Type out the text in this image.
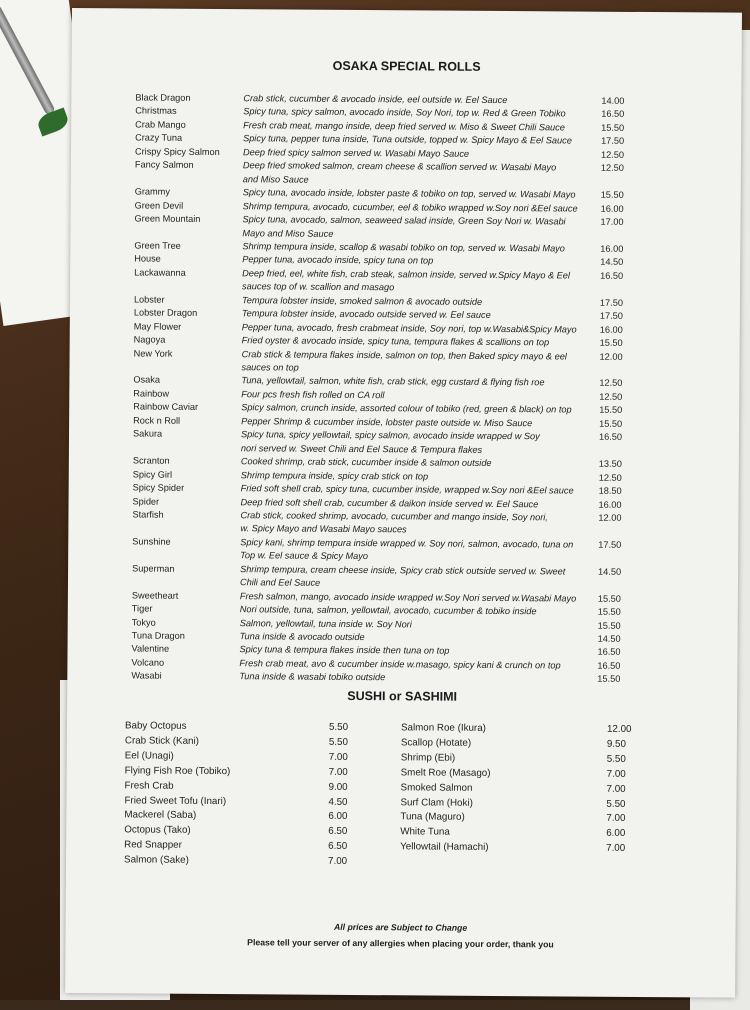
OSAKA SPECIAL ROLLS
Black Dragon	Crab stick, cucumber & avocado inside, eel outside w. Eel Sauce	14.00
Christmas	Spicy tuna, spicy salmon, avocado inside, Soy Nori, top w. Red & Green Tobiko	16.50
Crab Mango	Fresh crab meat, mango inside, deep fried served w. Miso & Sweet Chili Sauce	15.50
Crazy Tuna	Spicy tuna, pepper tuna inside, Tuna outside, topped w. Spicy Mayo & Eel Sauce	17.50
Crispy Spicy Salmon	Deep fried spicy salmon served w. Wasabi Mayo Sauce	12.50
Fancy Salmon	Deep fried smoked salmon, cream cheese & scallion served w. Wasabi Mayo	12.50
and Miso Sauce
Grammy	Spicy tuna, avocado inside, lobster paste & tobiko on top, served w. Wasabi Mayo	15.50
Green Devil	Shrimp tempura, avocado, cucumber, eel & tobiko wrapped w.Soy nori &Eel sauce 16.00
Green Mountain	Spicy tuna, avocado, salmon, seaweed salad inside, Green Soy Nori w. Wasabi	17.00
Mayo and Miso Sauce
Green Tree	Shrimp tempura inside, scallop & wasabi tobiko on top, served w. Wasabi Mayo	16.00
House	Pepper tuna, avocado inside, spicy tuna on top	14.50
Lackawanna	Deep fried, eel, white fish, crab steak, salmon inside, served w.Spicy Mayo & Eel	16.50
sauces top of w. scallion and masago
Lobster	Tempura lobster inside, smoked salmon & avocado outside	17.50
Lobster Dragon	Tempura lobster inside, avocado outside served w. Eel sauce	17.50
May Flower	Pepper tuna, avocado, fresh crabmeat inside, Soy nori, top w.Wasabi&Spicy Mayo	16.00
Nagoya	Fried oyster & avocado inside, spicy tuna, tempura flakes & scallions on top	15.50
New York	Crab stick & tempura flakes inside, salmon on top, then Baked spicy mayo & eel	12.00
sauces on top
Osaka	Tuna, yellowtail, salmon, white fish, crab stick, egg custard & flying fish roe	12.50
Rainbow	Four pcs fresh fish rolled on CA roll	12.50
Rainbow Caviar	Spicy salmon, crunch inside, assorted colour of tobiko (red, green & black) on top	15.50
Rock n Roll	Pepper Shrimp & cucumber inside, lobster paste outside w. Miso Sauce	15.50
Sakura	Spicy tuna, spicy yellowtail, spicy salmon, avocado inside wrapped w Soy	16.50
nori served w. Sweet Chili and Eel Sauce & Tempura flakes
Scranton	Cooked shrimp, crab stick, cucumber inside & salmon outside	13.50
Spicy Girl	Shrimp tempura inside, spicy crab stick on top	12.50
Spicy Spider	Fried soft shell crab, spicy tuna, cucumber inside, wrapped w.Soy nori &Eel sauce	18.50
Spider	Deep fried soft shell crab, cucumber & daikon inside served w. Eel Sauce	16.00
Starfish	Crab stick, cooked shrimp, avocado, cucumber and mango inside, Soy nori,	12.00
w. Spicy Mayo and Wasabi Mayo sauces
Sunshine	Spicy kani, shrimp tempura inside wrapped w. Soy nori, salmon, avocado, tuna on	17.50
Top w. Eel sauce & Spicy Mayo
Superman	Shrimp tempura, cream cheese inside, Spicy crab stick outside served w. Sweet	14.50
Chili and Eel Sauce
Sweetheart	Fresh salmon, mango, avocado inside wrapped w.Soy Nori served w.Wasabi Mayo 15.50
Tiger	Nori outside, tuna, salmon, yellowtail, avocado, cucumber & tobiko inside	15.50
Tokyo	Salmon, yellowtail, tuna inside w. Soy Nori	15.50
Tuna Dragon	Tuna inside & avocado outside	14.50
Valentine	Spicy tuna & tempura flakes inside then tuna on top	16.50
Volcano	Fresh crab meat, avo & cucumber inside w.masago, spicy kani & crunch on top	16.50
Wasabi	Tuna inside & wasabi tobiko outside	15.50
SUSHI or SASHIMI
Baby Octopus	5.50
Crab Stick (Kani)	5.50
Eel (Unagi)	7.00
Flying Fish Roe (Tobiko)	7.00
Fresh Crab	9.00
Fried Sweet Tofu (Inari)	4.50
Mackerel (Saba)	6.00
Octopus (Tako)	6.50
Red Snapper	6.50
Salmon (Sake)	7.00
Salmon Roe (Ikura)	12.00
Scallop (Hotate)	9.50
Shrimp (Ebi)	5.50
Smelt Roe (Masago)	7.00
Smoked Salmon	7.00
Surf Clam (Hoki)	5.50
Tuna (Maguro)	7.00
White Tuna	6.00
Yellowtail (Hamachi)	7.00
All prices are Subject to Change
Please tell your server of any allergies when placing your order, thank you
